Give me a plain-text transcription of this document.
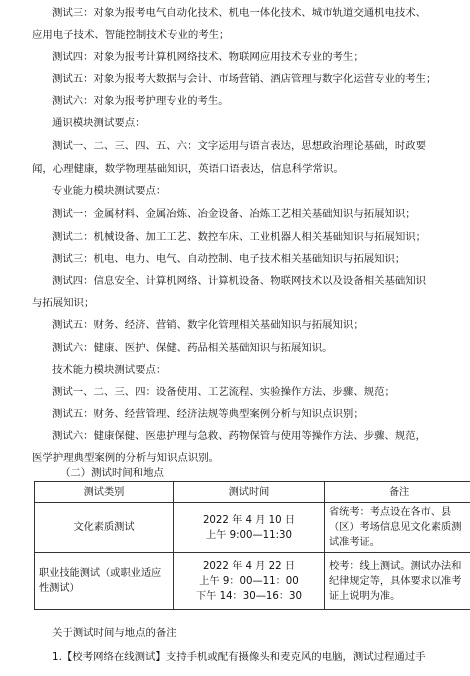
测试三：对象为报考电气自动化技术、机电一体化技术、城市轨道交通机电技术、
应用电子技术、智能控制技术专业的考生；
测试四：对象为报考计算机网络技术、物联网应用技术专业的考生；
测试五：对象为报考大数据与会计、市场营销、酒店管理与数字化运营专业的考生；
测试六：对象为报考护理专业的考生。
通识模块测试要点：
测试一、二、三、四、五、六：文字运用与语言表达，思想政治理论基础，时政要
闻，心理健康，数学物理基础知识，英语口语表达，信息科学常识。
专业能力模块测试要点：
测试一：金属材料、金属冶炼、冶金设备、冶炼工艺相关基础知识与拓展知识；
测试二：机械设备、加工工艺、数控车床、工业机器人相关基础知识与拓展知识；
测试三：机电、电力、电气、自动控制、电子技术相关基础知识与拓展知识；
测试四：信息安全、计算机网络、计算机设备、物联网技术以及设备相关基础知识
与拓展知识；
测试五：财务、经济、营销、数字化管理相关基础知识与拓展知识；
测试六：健康、医护、保健、药品相关基础知识与拓展知识。
技术能力模块测试要点：
测试一、二、三、四：设备使用、工艺流程、实验操作方法、步骤、规范；
测试五：财务、经营管理、经济法规等典型案例分析与知识点识别；
测试六：健康保健、医患护理与急救、药物保管与使用等操作方法、步骤、规范，
医学护理典型案例的分析与知识点识别。
（二）测试时间和地点
测试类别	测试时间	备注
文化素质测试	2022 年 4 月 10 日
上午 9:00—11:30	省统考：考点设在各市、县（区）考场信息见文化素质测试准考证。
职业技能测试（或职业适应性测试）	2022 年 4 月 22 日
上午 9：00—11：00
下午 14：30—16：30	校考：线上测试。测试办法和纪律规定等，具体要求以准考证上说明为准。
关于测试时间与地点的备注
1.【校考网络在线测试】支持手机或配有摄像头和麦克风的电脑，测试过程通过手
